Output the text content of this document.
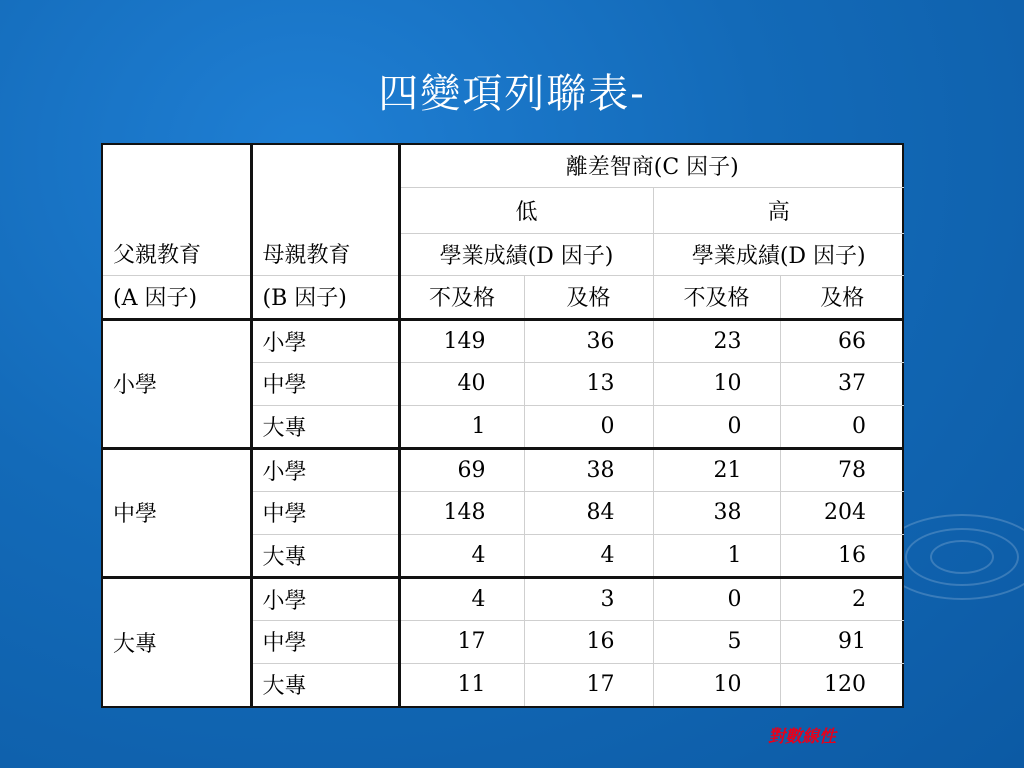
四變項列聯表-
		離差智商(C 因子)			
		低		高	
父親教育	母親教育	學業成績(D 因子)		學業成績(D 因子)	
(A 因子)	(B 因子)	不及格	及格	不及格	及格
小學	小學	149	36	23	66
	中學	40	13	10	37
	大專	1	0	0	0
中學	小學	69	38	21	78
	中學	148	84	38	204
	大專	4	4	1	16
大專	小學	4	3	0	2
	中學	17	16	5	91
	大專	11	17	10	120
對數線性
